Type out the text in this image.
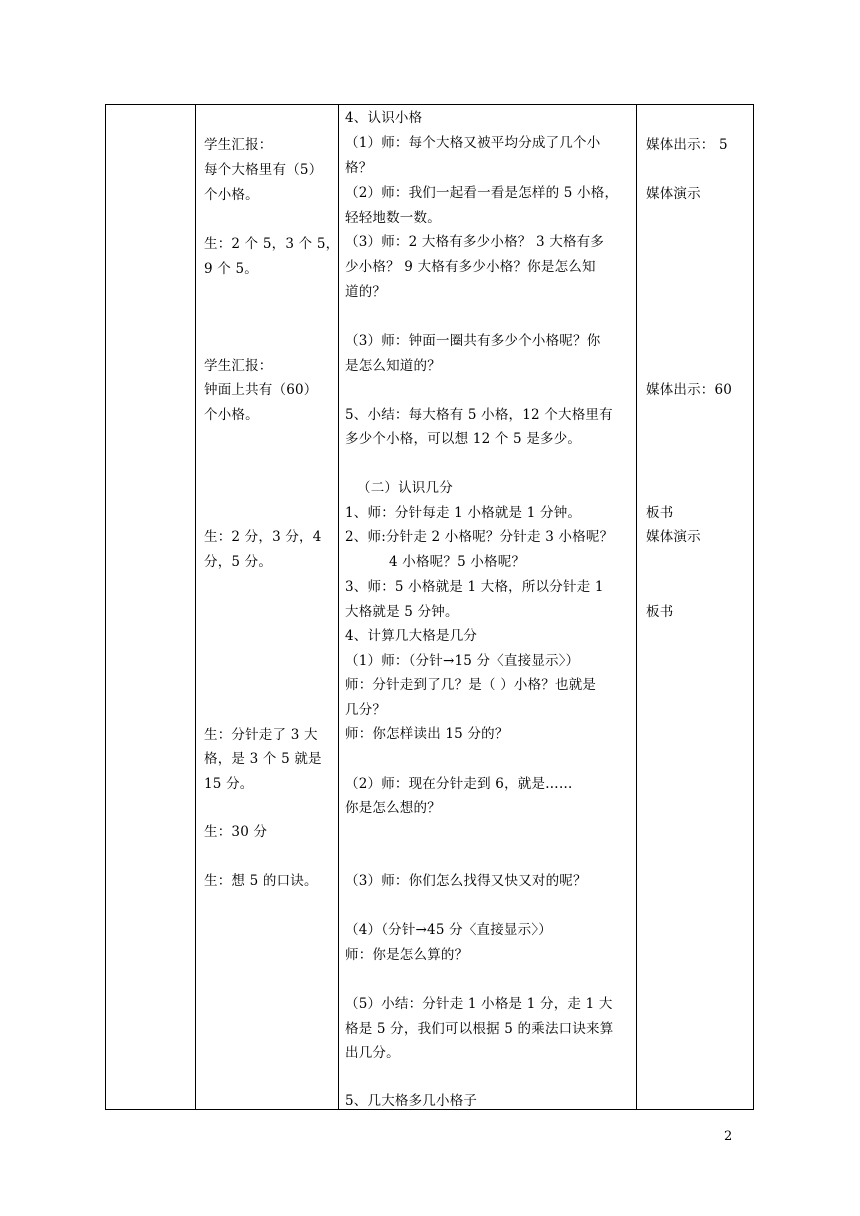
学生汇报：
每个大格里有（5）
个小格。
生：2 个 5，3 个 5，
9 个 5。
学生汇报：
钟面上共有（60）
个小格。
生：2 分，3 分，4
分，5 分。
生：分针走了 3 大
格，是 3 个 5 就是
15 分。
生：30 分
生：想 5 的口诀。
4、认识小格
（1）师：每个大格又被平均分成了几个小
格？
（2）师：我们一起看一看是怎样的 5 小格，
轻轻地数一数。
（3）师：2 大格有多少小格？ 3 大格有多
少小格？ 9 大格有多少小格？你是怎么知
道的？
（3）师：钟面一圈共有多少个小格呢？你
是怎么知道的？
5、小结：每大格有 5 小格，12 个大格里有
多少个小格，可以想 12 个 5 是多少。
（二）认识几分
1、师：分针每走 1 小格就是 1 分钟。
2、师:分针走 2 小格呢？分针走 3 小格呢？
4 小格呢？5 小格呢？
3、师：5 小格就是 1 大格，所以分针走 1
大格就是 5 分钟。
4、计算几大格是几分
（1）师：（分针→15 分〈直接显示〉）
师：分针走到了几？是（ ）小格？也就是
几分？
师：你怎样读出 15 分的？
（2）师：现在分针走到 6，就是……
你是怎么想的？
（3）师：你们怎么找得又快又对的呢？
（4）（分针→45 分〈直接显示〉）
师：你是怎么算的？
（5）小结：分针走 1 小格是 1 分，走 1 大
格是 5 分，我们可以根据 5 的乘法口诀来算
出几分。
5、几大格多几小格子
媒体出示： 5
媒体演示
媒体出示：60
板书
媒体演示
板书
2
